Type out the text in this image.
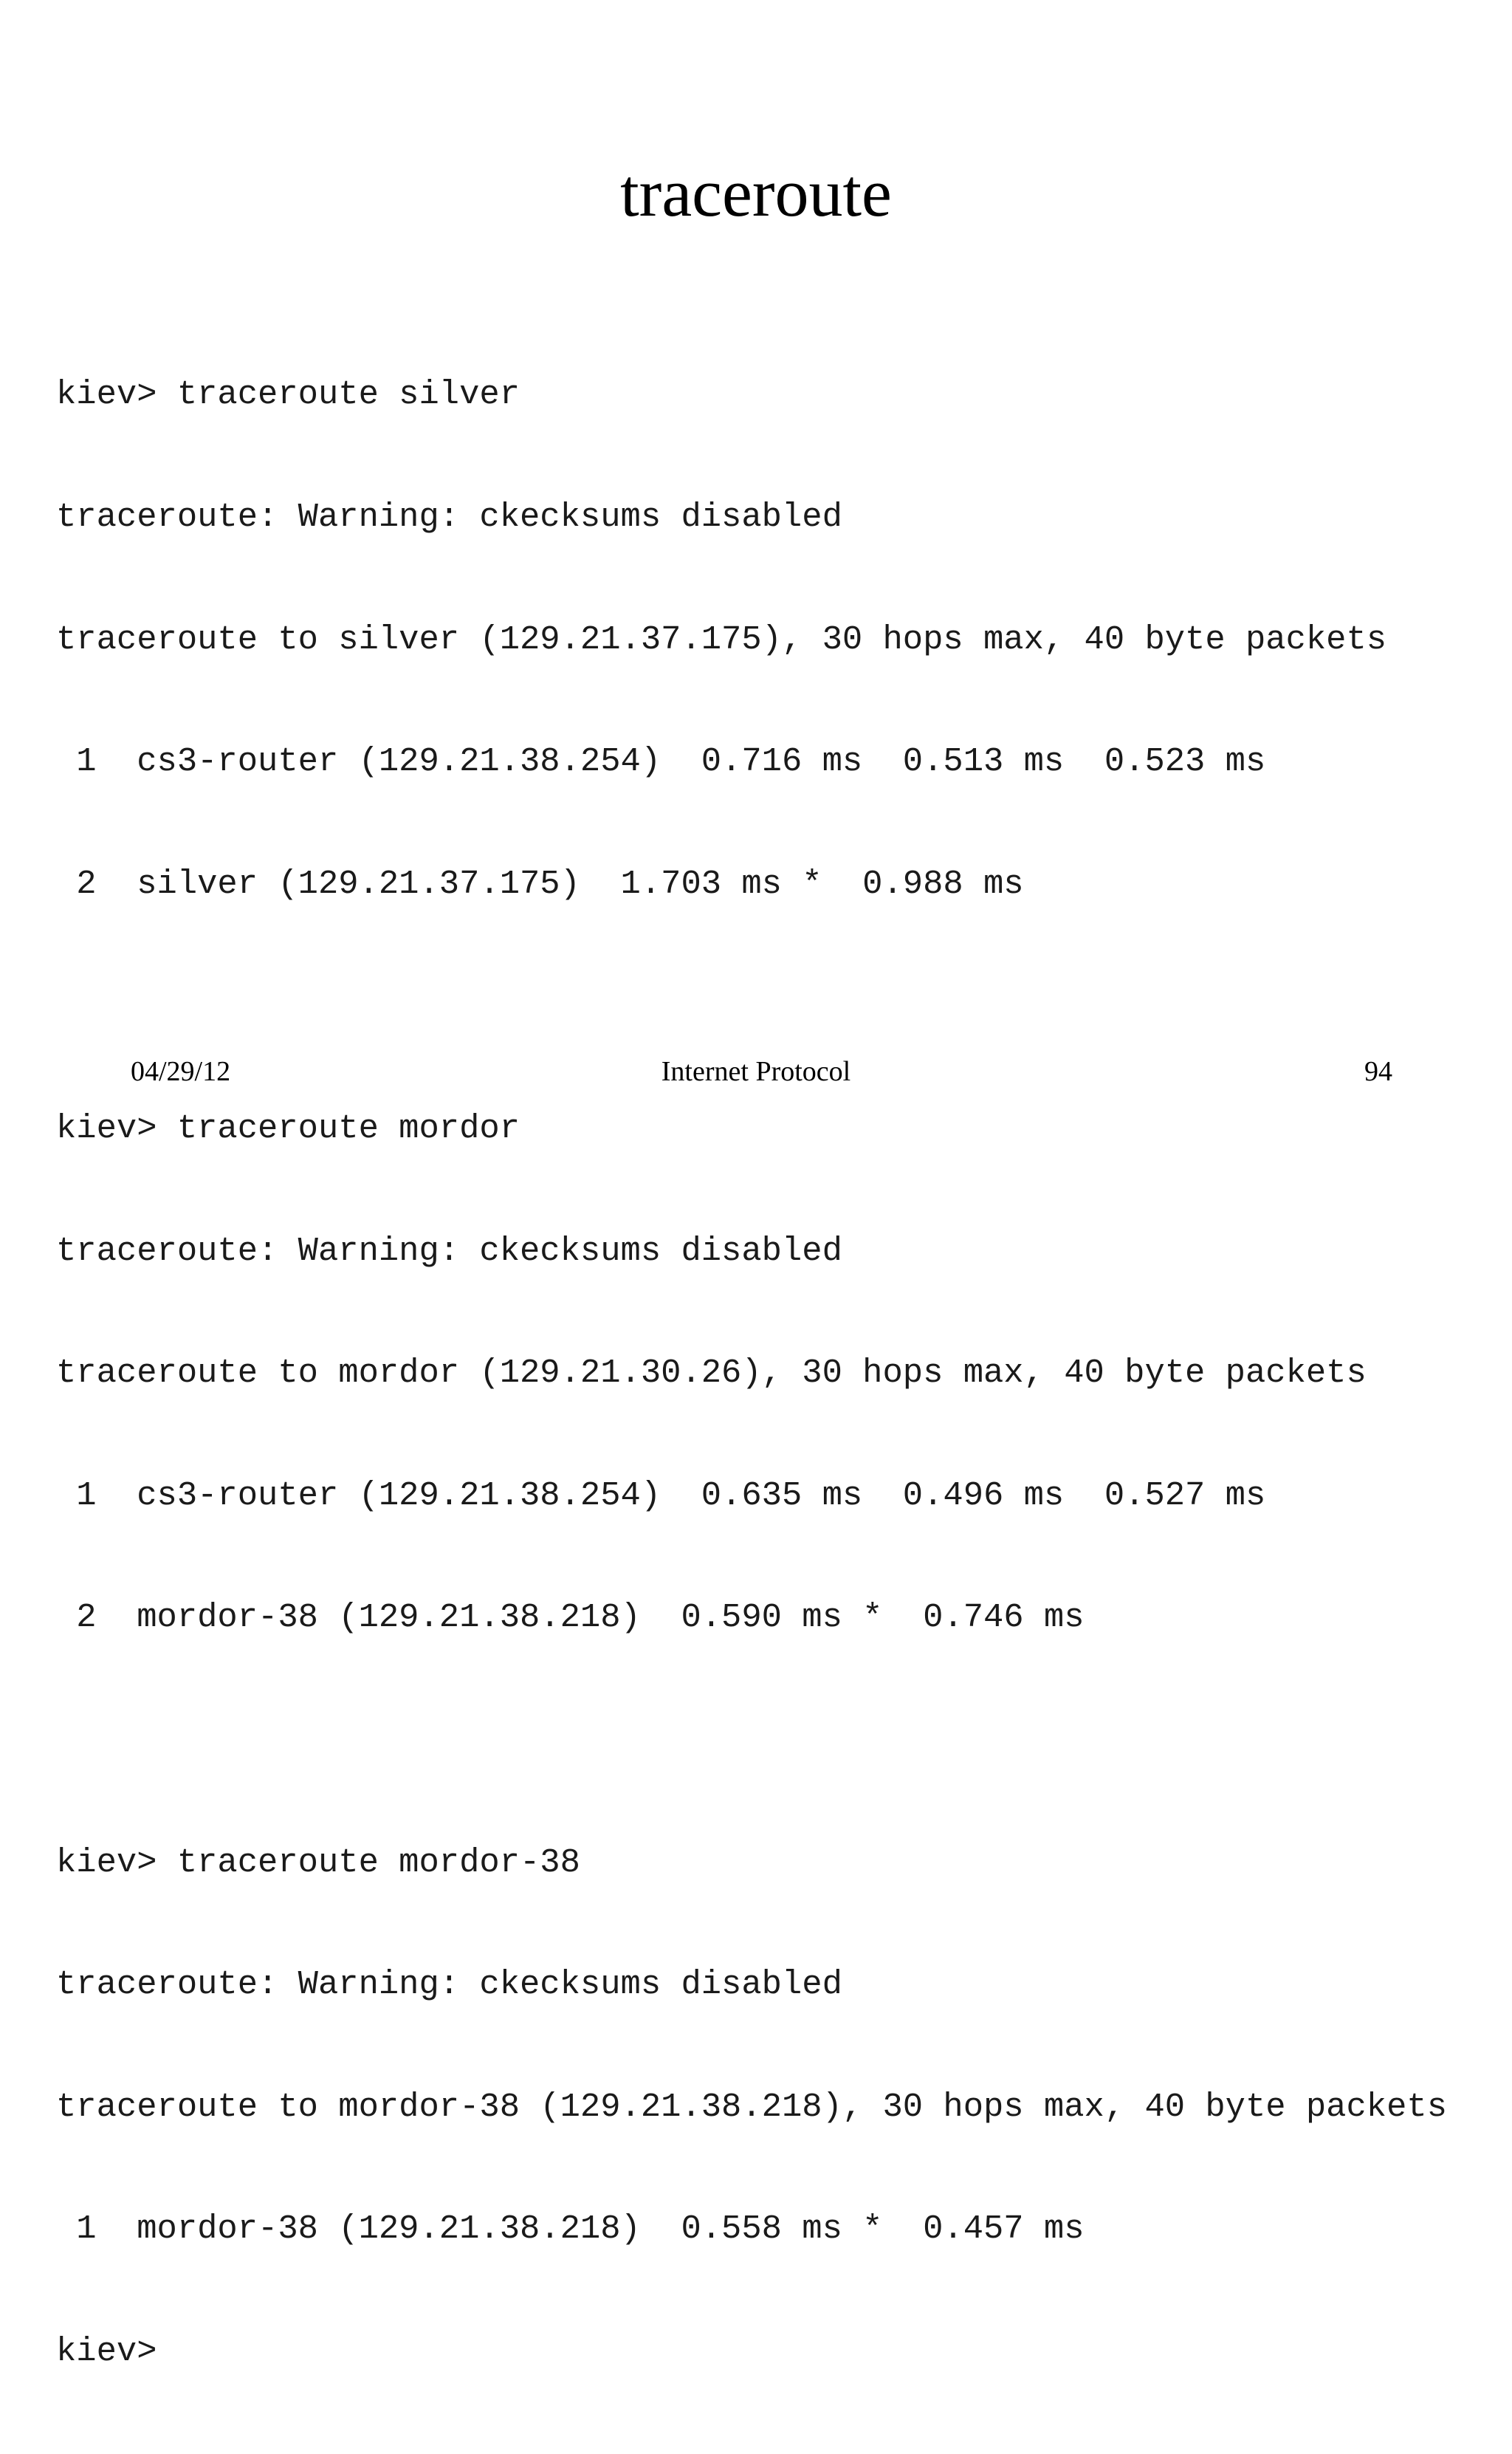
traceroute

kiev> traceroute silver

traceroute: Warning: ckecksums disabled

traceroute to silver (129.21.37.175), 30 hops max, 40 byte packets

1  cs3-router (129.21.38.254)  0.716 ms  0.513 ms  0.523 ms

2  silver (129.21.37.175)  1.703 ms *  0.988 ms

kiev> traceroute mordor

traceroute: Warning: ckecksums disabled

traceroute to mordor (129.21.30.26), 30 hops max, 40 byte packets

1  cs3-router (129.21.38.254)  0.635 ms  0.496 ms  0.527 ms

2  mordor-38 (129.21.38.218)  0.590 ms *  0.746 ms

kiev> traceroute mordor-38

traceroute: Warning: ckecksums disabled

traceroute to mordor-38 (129.21.38.218), 30 hops max, 40 byte packets

1  mordor-38 (129.21.38.218)  0.558 ms *  0.457 ms

kiev>

04/29/12	Internet Protocol	94
